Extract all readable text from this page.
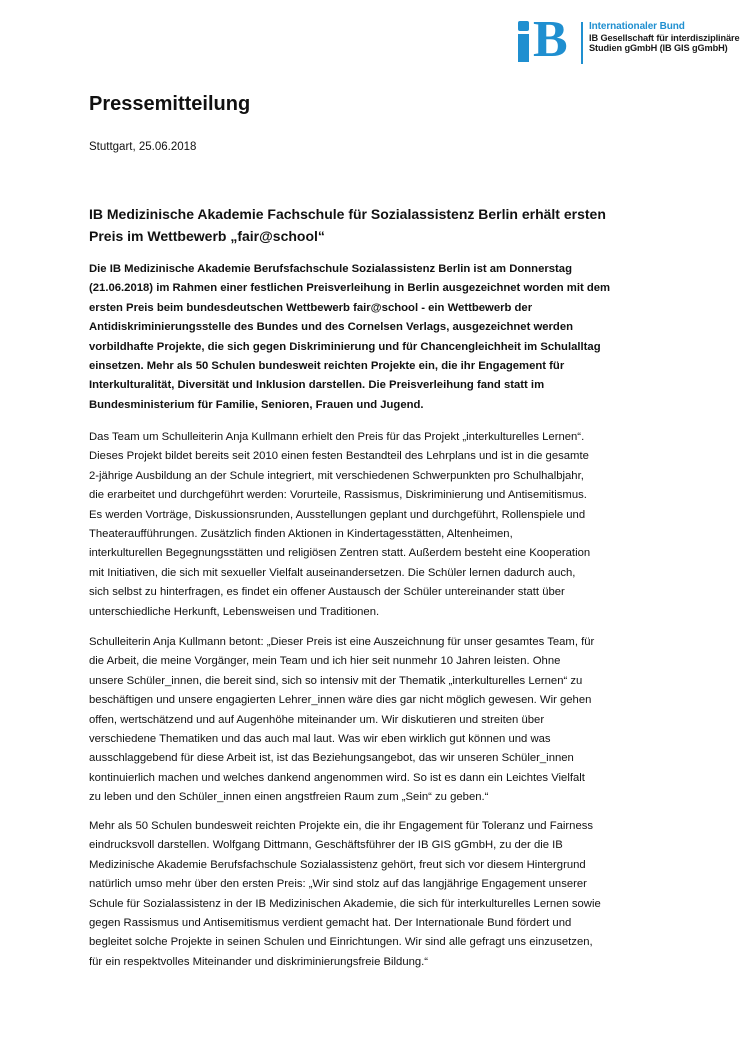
B Internationaler Bund
IB Gesellschaft für interdisziplinäre
Studien gGmbH (IB GIS gGmbH)
Pressemitteilung
Stuttgart, 25.06.2018
IB Medizinische Akademie Fachschule für Sozialassistenz Berlin erhält ersten
Preis im Wettbewerb „fair@school“

Die IB Medizinische Akademie Berufsfachschule Sozialassistenz Berlin ist am Donnerstag
(21.06.2018) im Rahmen einer festlichen Preisverleihung in Berlin ausgezeichnet worden mit dem
ersten Preis beim bundesdeutschen Wettbewerb fair@school - ein Wettbewerb der
Antidiskriminierungsstelle des Bundes und des Cornelsen Verlags, ausgezeichnet werden
vorbildhafte Projekte, die sich gegen Diskriminierung und für Chancengleichheit im Schulalltag
einsetzen. Mehr als 50 Schulen bundesweit reichten Projekte ein, die ihr Engagement für
Interkulturalität, Diversität und Inklusion darstellen. Die Preisverleihung fand statt im
Bundesministerium für Familie, Senioren, Frauen und Jugend.

Das Team um Schulleiterin Anja Kullmann erhielt den Preis für das Projekt „interkulturelles Lernen“.
Dieses Projekt bildet bereits seit 2010 einen festen Bestandteil des Lehrplans und ist in die gesamte
2-jährige Ausbildung an der Schule integriert, mit verschiedenen Schwerpunkten pro Schulhalbjahr,
die erarbeitet und durchgeführt werden: Vorurteile, Rassismus, Diskriminierung und Antisemitismus.
Es werden Vorträge, Diskussionsrunden, Ausstellungen geplant und durchgeführt, Rollenspiele und
Theateraufführungen. Zusätzlich finden Aktionen in Kindertagesstätten, Altenheimen,
interkulturellen Begegnungsstätten und religiösen Zentren statt. Außerdem besteht eine Kooperation
mit Initiativen, die sich mit sexueller Vielfalt auseinandersetzen. Die Schüler lernen dadurch auch,
sich selbst zu hinterfragen, es findet ein offener Austausch der Schüler untereinander statt über
unterschiedliche Herkunft, Lebensweisen und Traditionen.

Schulleiterin Anja Kullmann betont: „Dieser Preis ist eine Auszeichnung für unser gesamtes Team, für
die Arbeit, die meine Vorgänger, mein Team und ich hier seit nunmehr 10 Jahren leisten. Ohne
unsere Schüler_innen, die bereit sind, sich so intensiv mit der Thematik „interkulturelles Lernen“ zu
beschäftigen und unsere engagierten Lehrer_innen wäre dies gar nicht möglich gewesen. Wir gehen
offen, wertschätzend und auf Augenhöhe miteinander um. Wir diskutieren und streiten über
verschiedene Thematiken und das auch mal laut. Was wir eben wirklich gut können und was
ausschlaggebend für diese Arbeit ist, ist das Beziehungsangebot, das wir unseren Schüler_innen
kontinuierlich machen und welches dankend angenommen wird. So ist es dann ein Leichtes Vielfalt
zu leben und den Schüler_innen einen angstfreien Raum zum „Sein“ zu geben.“

Mehr als 50 Schulen bundesweit reichten Projekte ein, die ihr Engagement für Toleranz und Fairness
eindrucksvoll darstellen. Wolfgang Dittmann, Geschäftsführer der IB GIS gGmbH, zu der die IB
Medizinische Akademie Berufsfachschule Sozialassistenz gehört, freut sich vor diesem Hintergrund
natürlich umso mehr über den ersten Preis: „Wir sind stolz auf das langjährige Engagement unserer
Schule für Sozialassistenz in der IB Medizinischen Akademie, die sich für interkulturelles Lernen sowie
gegen Rassismus und Antisemitismus verdient gemacht hat. Der Internationale Bund fördert und
begleitet solche Projekte in seinen Schulen und Einrichtungen. Wir sind alle gefragt uns einzusetzen,
für ein respektvolles Miteinander und diskriminierungsfreie Bildung.“
